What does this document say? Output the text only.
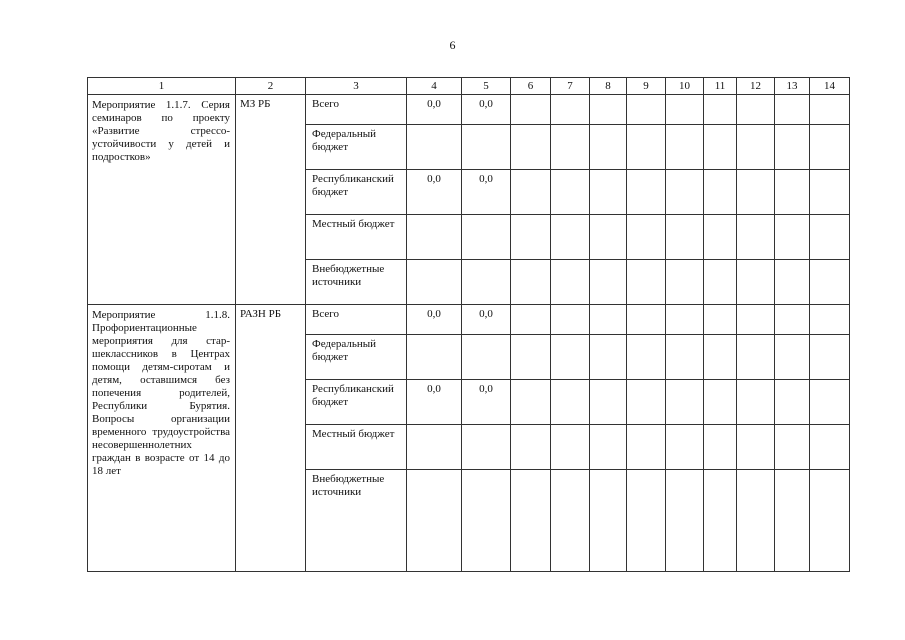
6
1	2	3	4	5	6	7	8	9	10	11	12	13	14

Мероприятие 1.1.7. Серия семинаров по проекту «Развитие стрессоустойчивости у детей и подростков»	МЗ РБ	Всего	0,0	0,0									

		Федеральный бюджет											

		Республиканский бюджет	0,0	0,0									

		Местный бюджет											

		Внебюджетные источники											

Мероприятие 1.1.8. Профориентационные мероприятия для старшеклассников в Центрах помощи детям-сиротам и детям, оставшимся без попечения родителей, Республики Бурятия. Вопросы организации временного трудоустройства несовершеннолетних граждан в возрасте от 14 до 18 лет	РАЗН РБ	Всего	0,0	0,0									

		Федеральный бюджет											

		Республиканский бюджет	0,0	0,0									

		Местный бюджет											

		Внебюджетные источники											
